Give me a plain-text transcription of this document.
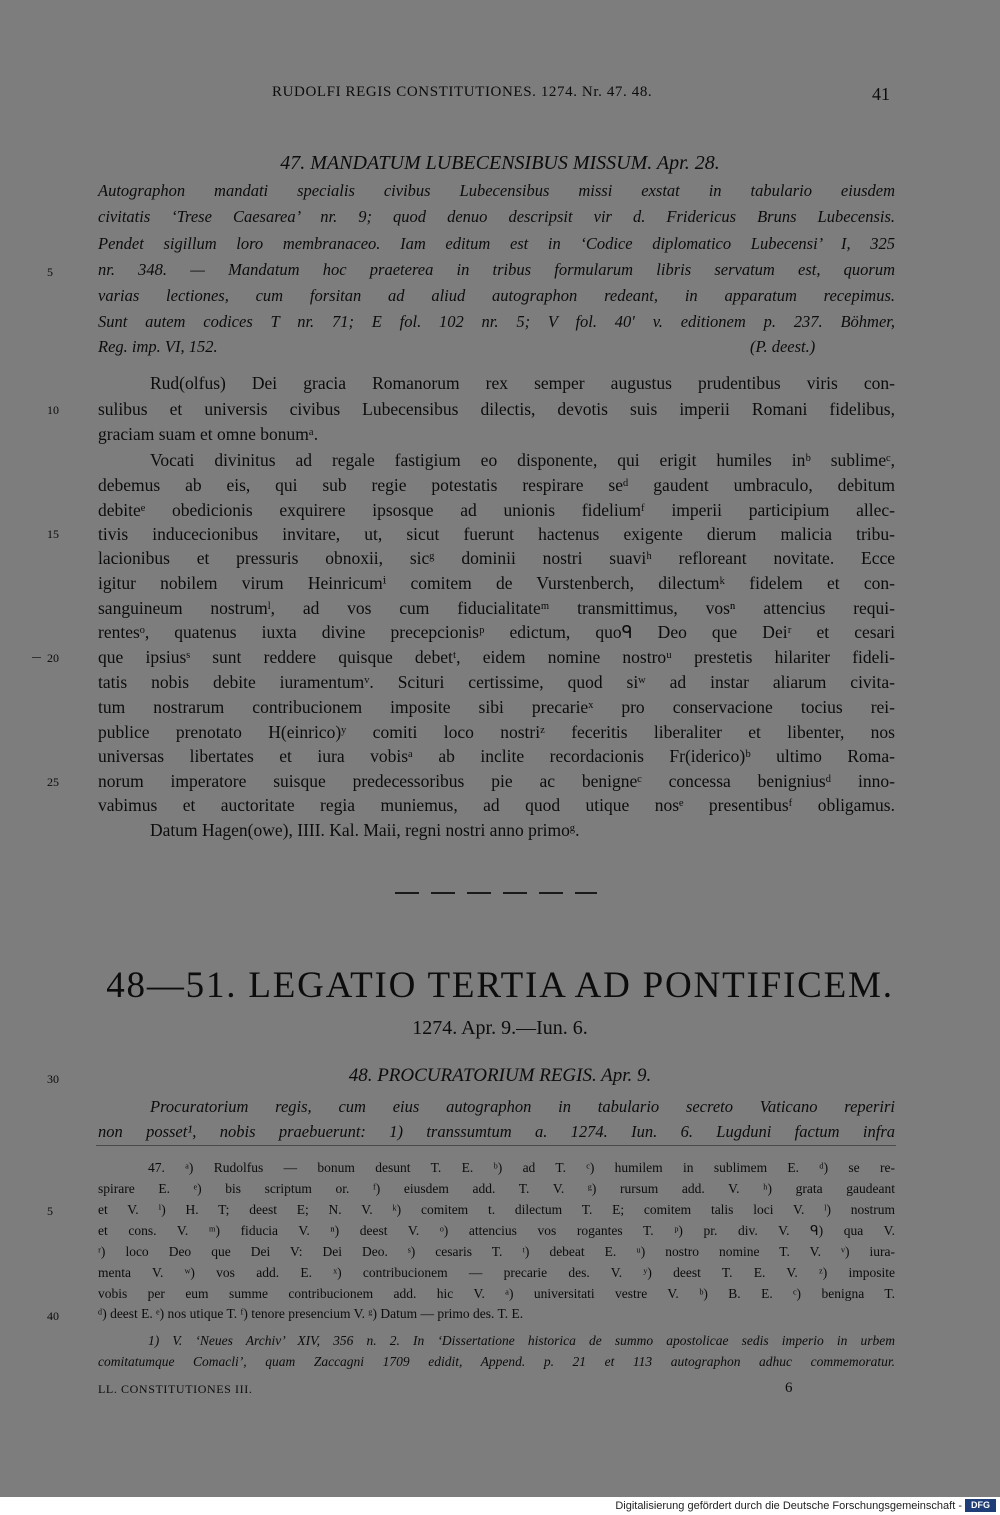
RUDOLFI REGIS CONSTITUTIONES. 1274. Nr. 47. 48.	41
47. MANDATUM LUBECENSIBUS MISSUM. Apr. 28.
Autographon mandati specialis civibus Lubecensibus missi exstat in tabulario eiusdem
civitatis ‘Trese Caesarea’ nr. 9; quod denuo descripsit vir d. Fridericus Bruns Lubecensis.
Pendet sigillum loro membranaceo. Iam editum est in ‘Codice diplomatico Lubecensi’ I, 325
nr. 348. — Mandatum hoc praeterea in tribus formularum libris servatum est, quorum
varias lectiones, cum forsitan ad aliud autographon redeant, in apparatum recepimus.
Sunt autem codices T nr. 71; E fol. 102 nr. 5; V fol. 40′ v. editionem p. 237. Böhmer,
Reg. imp. VI, 152.	(P. deest.)
Rud(olfus) Dei gracia Romanorum rex semper augustus prudentibus viris con-
sulibus et universis civibus Lubecensibus dilectis, devotis suis imperii Romani fidelibus,
graciam suam et omne bonumᵃ.
Vocati divinitus ad regale fastigium eo disponente, qui erigit humiles inᵇ sublimeᶜ,
debemus ab eis, qui sub regie potestatis respirare seᵈ gaudent umbraculo, debitum
debiteᵉ obedicionis exquirere ipsosque ad unionis fideliumᶠ imperii participium allec-
tivis inducecionibus invitare, ut, sicut fuerunt hactenus exigente dierum malicia tribu-
lacionibus et pressuris obnoxii, sicᵍ dominii nostri suaviʰ refloreant novitate. Ecce
igitur nobilem virum Heinricumⁱ comitem de Vurstenberch, dilectumᵏ fidelem et con-
sanguineum nostrumˡ, ad vos cum fiducialitateᵐ transmittimus, vosⁿ attencius requi-
rentesᵒ, quatenus iuxta divine precepcionisᵖ edictum, quoᑫ Deo que Deiʳ et cesari
que ipsiusˢ sunt reddere quisque debetᵗ, eidem nomine nostroᵘ prestetis hilariter fideli-
tatis nobis debite iuramentumᵛ. Sciturі certissime, quod siʷ ad instar aliarum civita-
tum nostrarum contribucionem imposite sibi precarieˣ pro conservacione tocius rei-
publice prenotato H(einrico)ʸ comiti loco nostriᶻ feceritis liberaliter et libenter, nos
universas libertates et iura vobisᵃ ab inclite recordacionis Fr(iderico)ᵇ ultimo Roma-
norum imperatore suisque predecessoribus pie ac benigneᶜ concessa benigniusᵈ inno-
vabimus et auctoritate regia muniemus, ad quod utique nosᵉ presentibusᶠ obligamus.
Datum Hagen(owe), IIII. Kal. Maii, regni nostri anno primoᵍ.
48—51. LEGATIO TERTIA AD PONTIFICEM.
1274. Apr. 9.—Iun. 6.
48. PROCURATORIUM REGIS. Apr. 9.
Procuratorium regis, cum eius autographon in tabulario secreto Vaticano reperiri
non posset¹, nobis praebuerunt: 1) transsumtum a. 1274. Iun. 6. Lugduni factum infra
47. ᵃ) Rudolfus — bonum desunt T. E. ᵇ) ad T. ᶜ) humilem in sublimem E. ᵈ) se re-
spirare E. ᵉ) bis scriptum or. ᶠ) eiusdem add. T. V. ᵍ) rursum add. V. ʰ) grata gaudeant
et V. ⁱ) H. T; deest E; N. V. ᵏ) comitem t. dilectum T. E; comitem talis loci V. ˡ) nostrum
et cons. V. ᵐ) fiducia V. ⁿ) deest V. ᵒ) attencius vos rogantes T. ᵖ) pr. div. V. ᑫ) qua V.
ʳ) loco Deo que Dei V: Dei Deo. ˢ) cesaris T. ᵗ) debeat E. ᵘ) nostro nomine T. V. ᵛ) iura-
menta V. ʷ) vos add. E. ˣ) contribucionem — precarie des. V. ʸ) deest T. E. V. ᶻ) imposite
vobis per eum summe contribucionem add. hic V. ᵃ) universitati vestre V. ᵇ) B. E. ᶜ) benigna T.
ᵈ) deest E. ᵉ) nos utique T. ᶠ) tenore presencium V. ᵍ) Datum — primo des. T. E.
1) V. ‘Neues Archiv’ XIV, 356 n. 2. In ‘Dissertatione historica de summo apostolicae sedis imperio in urbem
comitatumque Comacli’, quam Zaccagni 1709 edidit, Append. p. 21 et 113 autographon adhuc commemoratur.
LL. CONSTITUTIONES III.	6
5
10
15
20
25
30
5
40
Digitalisierung gefördert durch die Deutsche Forschungsgemeinschaft -	DFG
